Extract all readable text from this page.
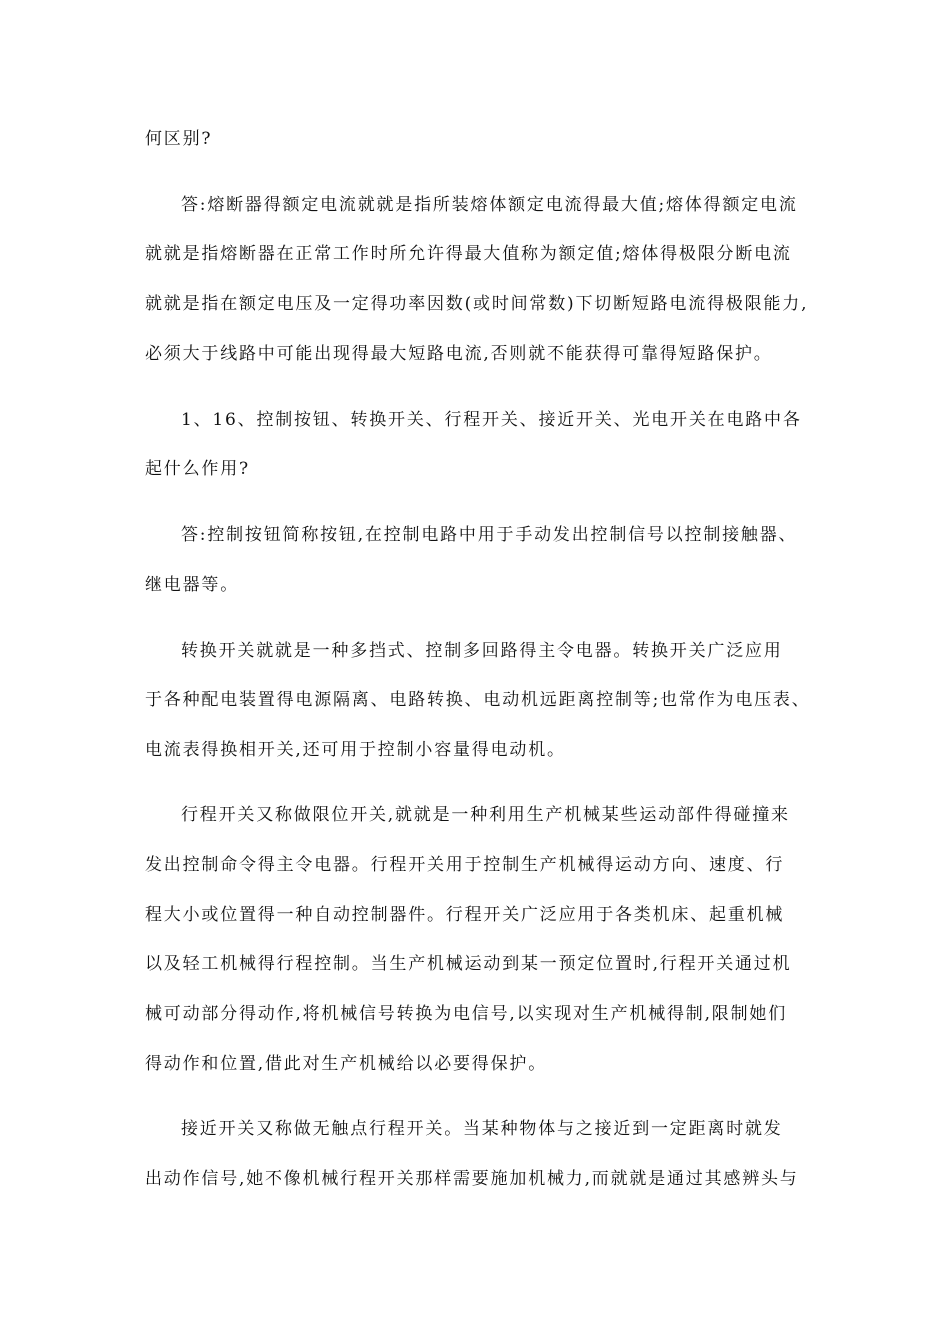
何区别?
答:熔断器得额定电流就就是指所装熔体额定电流得最大值;熔体得额定电流
就就是指熔断器在正常工作时所允许得最大值称为额定值;熔体得极限分断电流
就就是指在额定电压及一定得功率因数(或时间常数)下切断短路电流得极限能力,
必须大于线路中可能出现得最大短路电流,否则就不能获得可靠得短路保护。
1、16、控制按钮、转换开关、行程开关、接近开关、光电开关在电路中各
起什么作用?
答:控制按钮简称按钮,在控制电路中用于手动发出控制信号以控制接触器、
继电器等。
转换开关就就是一种多挡式、控制多回路得主令电器。转换开关广泛应用
于各种配电装置得电源隔离、电路转换、电动机远距离控制等;也常作为电压表、
电流表得换相开关,还可用于控制小容量得电动机。
行程开关又称做限位开关,就就是一种利用生产机械某些运动部件得碰撞来
发出控制命令得主令电器。行程开关用于控制生产机械得运动方向、速度、行
程大小或位置得一种自动控制器件。行程开关广泛应用于各类机床、起重机械
以及轻工机械得行程控制。当生产机械运动到某一预定位置时,行程开关通过机
械可动部分得动作,将机械信号转换为电信号,以实现对生产机械得制,限制她们
得动作和位置,借此对生产机械给以必要得保护。
接近开关又称做无触点行程开关。当某种物体与之接近到一定距离时就发
出动作信号,她不像机械行程开关那样需要施加机械力,而就就是通过其感辨头与
